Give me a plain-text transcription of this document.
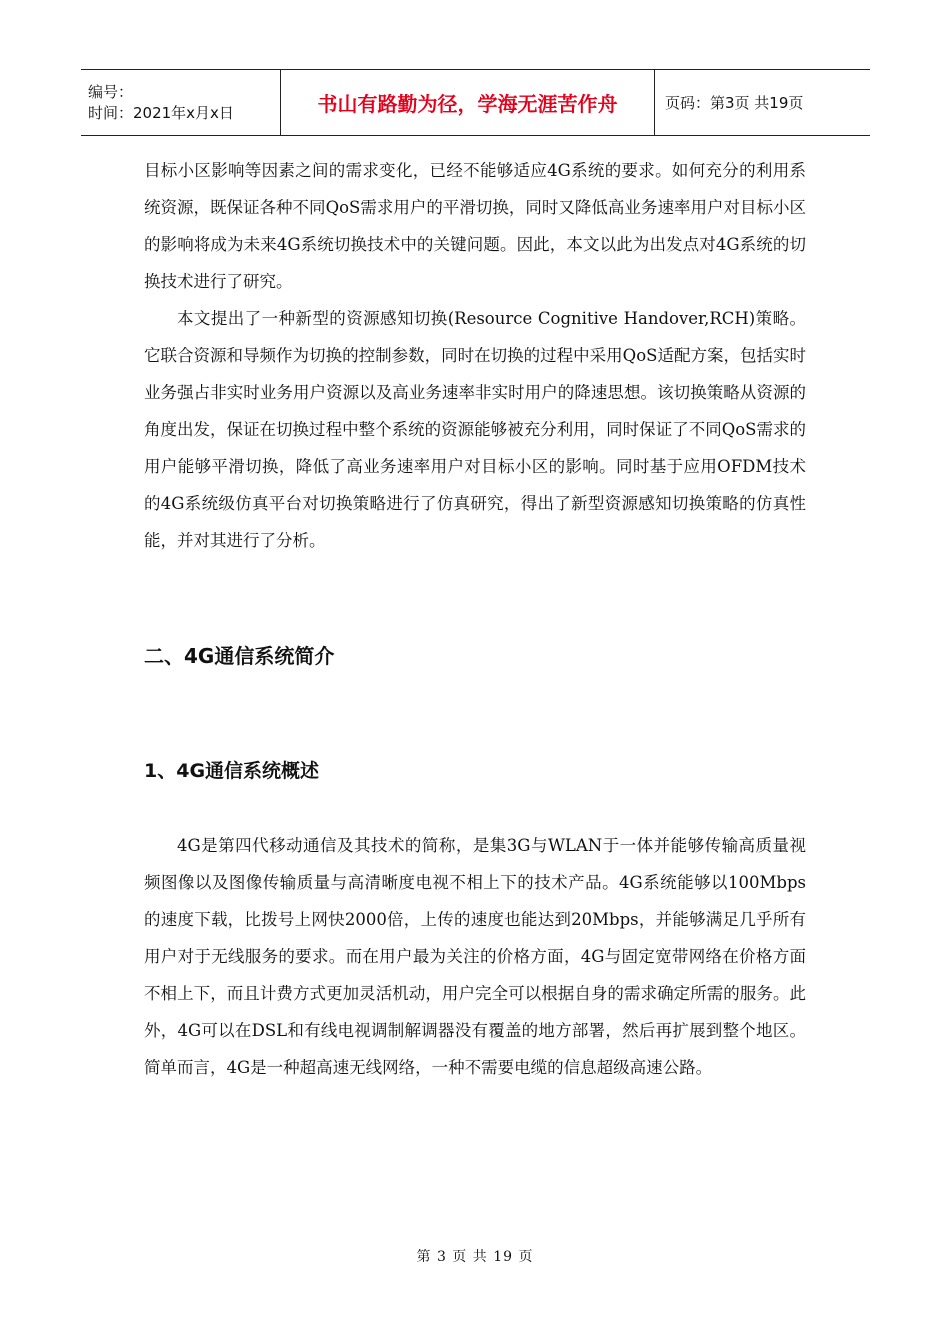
编号：
时间：2021年x月x日	书山有路勤为径，学海无涯苦作舟	页码：第3页 共19页

目标小区影响等因素之间的需求变化，已经不能够适应4G系统的要求。如何充分的利用系统资源，既保证各种不同QoS需求用户的平滑切换，同时又降低高业务速率用户对目标小区的影响将成为未来4G系统切换技术中的关键问题。因此，本文以此为出发点对4G系统的切换技术进行了研究。

本文提出了一种新型的资源感知切换(Resource Cognitive Handover,RCH)策略。它联合资源和导频作为切换的控制参数，同时在切换的过程中采用QoS适配方案，包括实时业务强占非实时业务用户资源以及高业务速率非实时用户的降速思想。该切换策略从资源的角度出发，保证在切换过程中整个系统的资源能够被充分利用，同时保证了不同QoS需求的用户能够平滑切换，降低了高业务速率用户对目标小区的影响。同时基于应用OFDM技术的4G系统级仿真平台对切换策略进行了仿真研究，得出了新型资源感知切换策略的仿真性能，并对其进行了分析。

二、4G通信系统简介
1、4G通信系统概述

4G是第四代移动通信及其技术的简称，是集3G与WLAN于一体并能够传输高质量视频图像以及图像传输质量与高清晰度电视不相上下的技术产品。4G系统能够以100Mbps的速度下载，比拨号上网快2000倍，上传的速度也能达到20Mbps，并能够满足几乎所有用户对于无线服务的要求。而在用户最为关注的价格方面，4G与固定宽带网络在价格方面不相上下，而且计费方式更加灵活机动，用户完全可以根据自身的需求确定所需的服务。此外，4G可以在DSL和有线电视调制解调器没有覆盖的地方部署，然后再扩展到整个地区。简单而言，4G是一种超高速无线网络，一种不需要电缆的信息超级高速公路。

第 3 页 共 19 页
